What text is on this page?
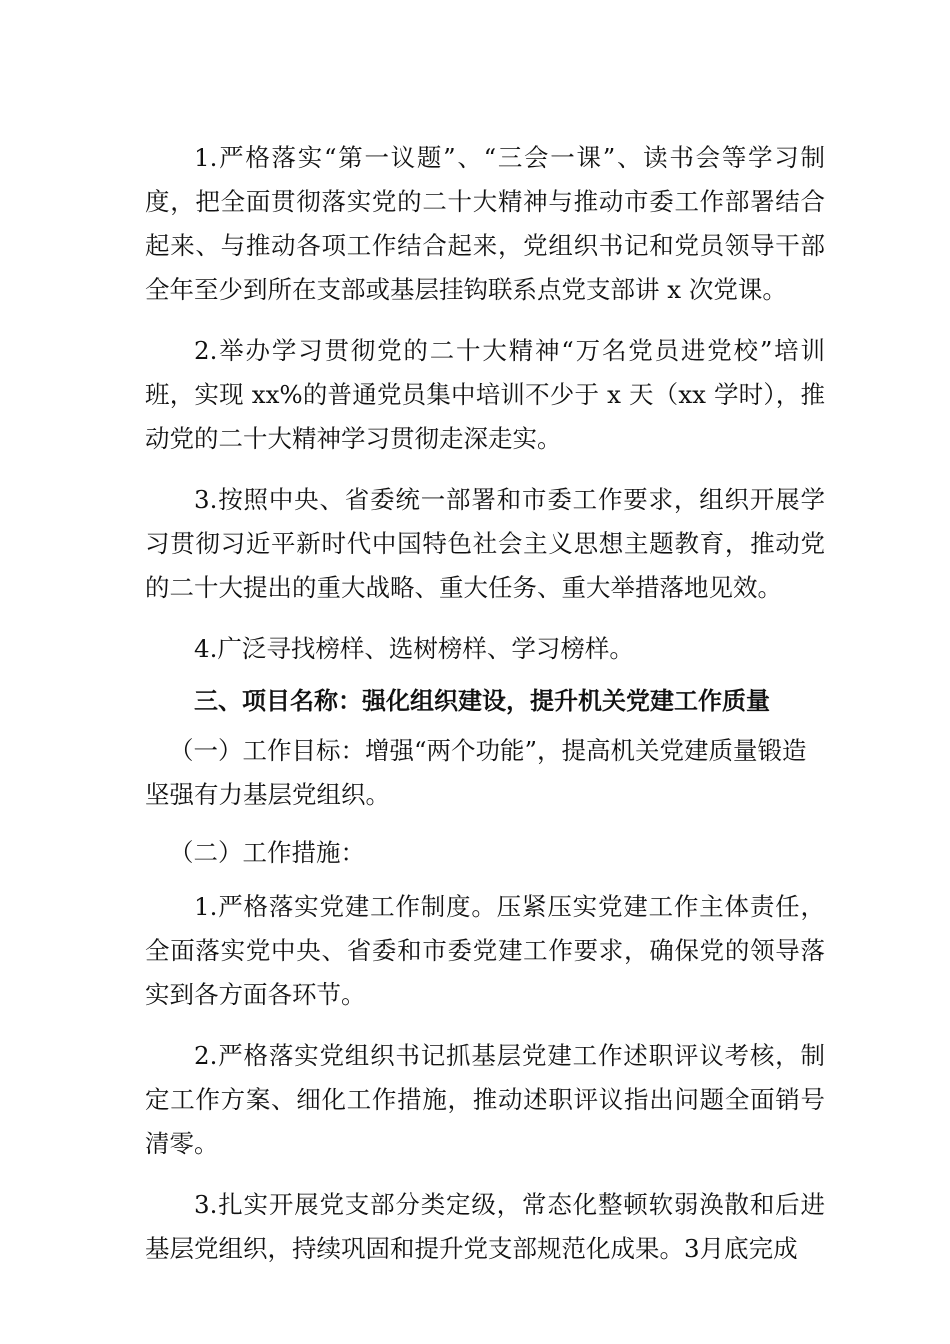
1.严格落实“第一议题”、“三会一课”、读书会等学习制度，把全面贯彻落实党的二十大精神与推动市委工作部署结合起来、与推动各项工作结合起来，党组织书记和党员领导干部全年至少到所在支部或基层挂钩联系点党支部讲 x 次党课。

2.举办学习贯彻党的二十大精神“万名党员进党校”培训班，实现 xx%的普通党员集中培训不少于 x 天（xx 学时），推动党的二十大精神学习贯彻走深走实。

3.按照中央、省委统一部署和市委工作要求，组织开展学习贯彻习近平新时代中国特色社会主义思想主题教育，推动党的二十大提出的重大战略、重大任务、重大举措落地见效。

4.广泛寻找榜样、选树榜样、学习榜样。

三、项目名称：强化组织建设，提升机关党建工作质量

（一）工作目标：增强“两个功能”，提高机关党建质量锻造坚强有力基层党组织。

（二）工作措施：

1.严格落实党建工作制度。压紧压实党建工作主体责任，全面落实党中央、省委和市委党建工作要求，确保党的领导落实到各方面各环节。

2.严格落实党组织书记抓基层党建工作述职评议考核，制定工作方案、细化工作措施，推动述职评议指出问题全面销号清零。

3.扎实开展党支部分类定级，常态化整顿软弱涣散和后进基层党组织，持续巩固和提升党支部规范化成果。3月底完成
